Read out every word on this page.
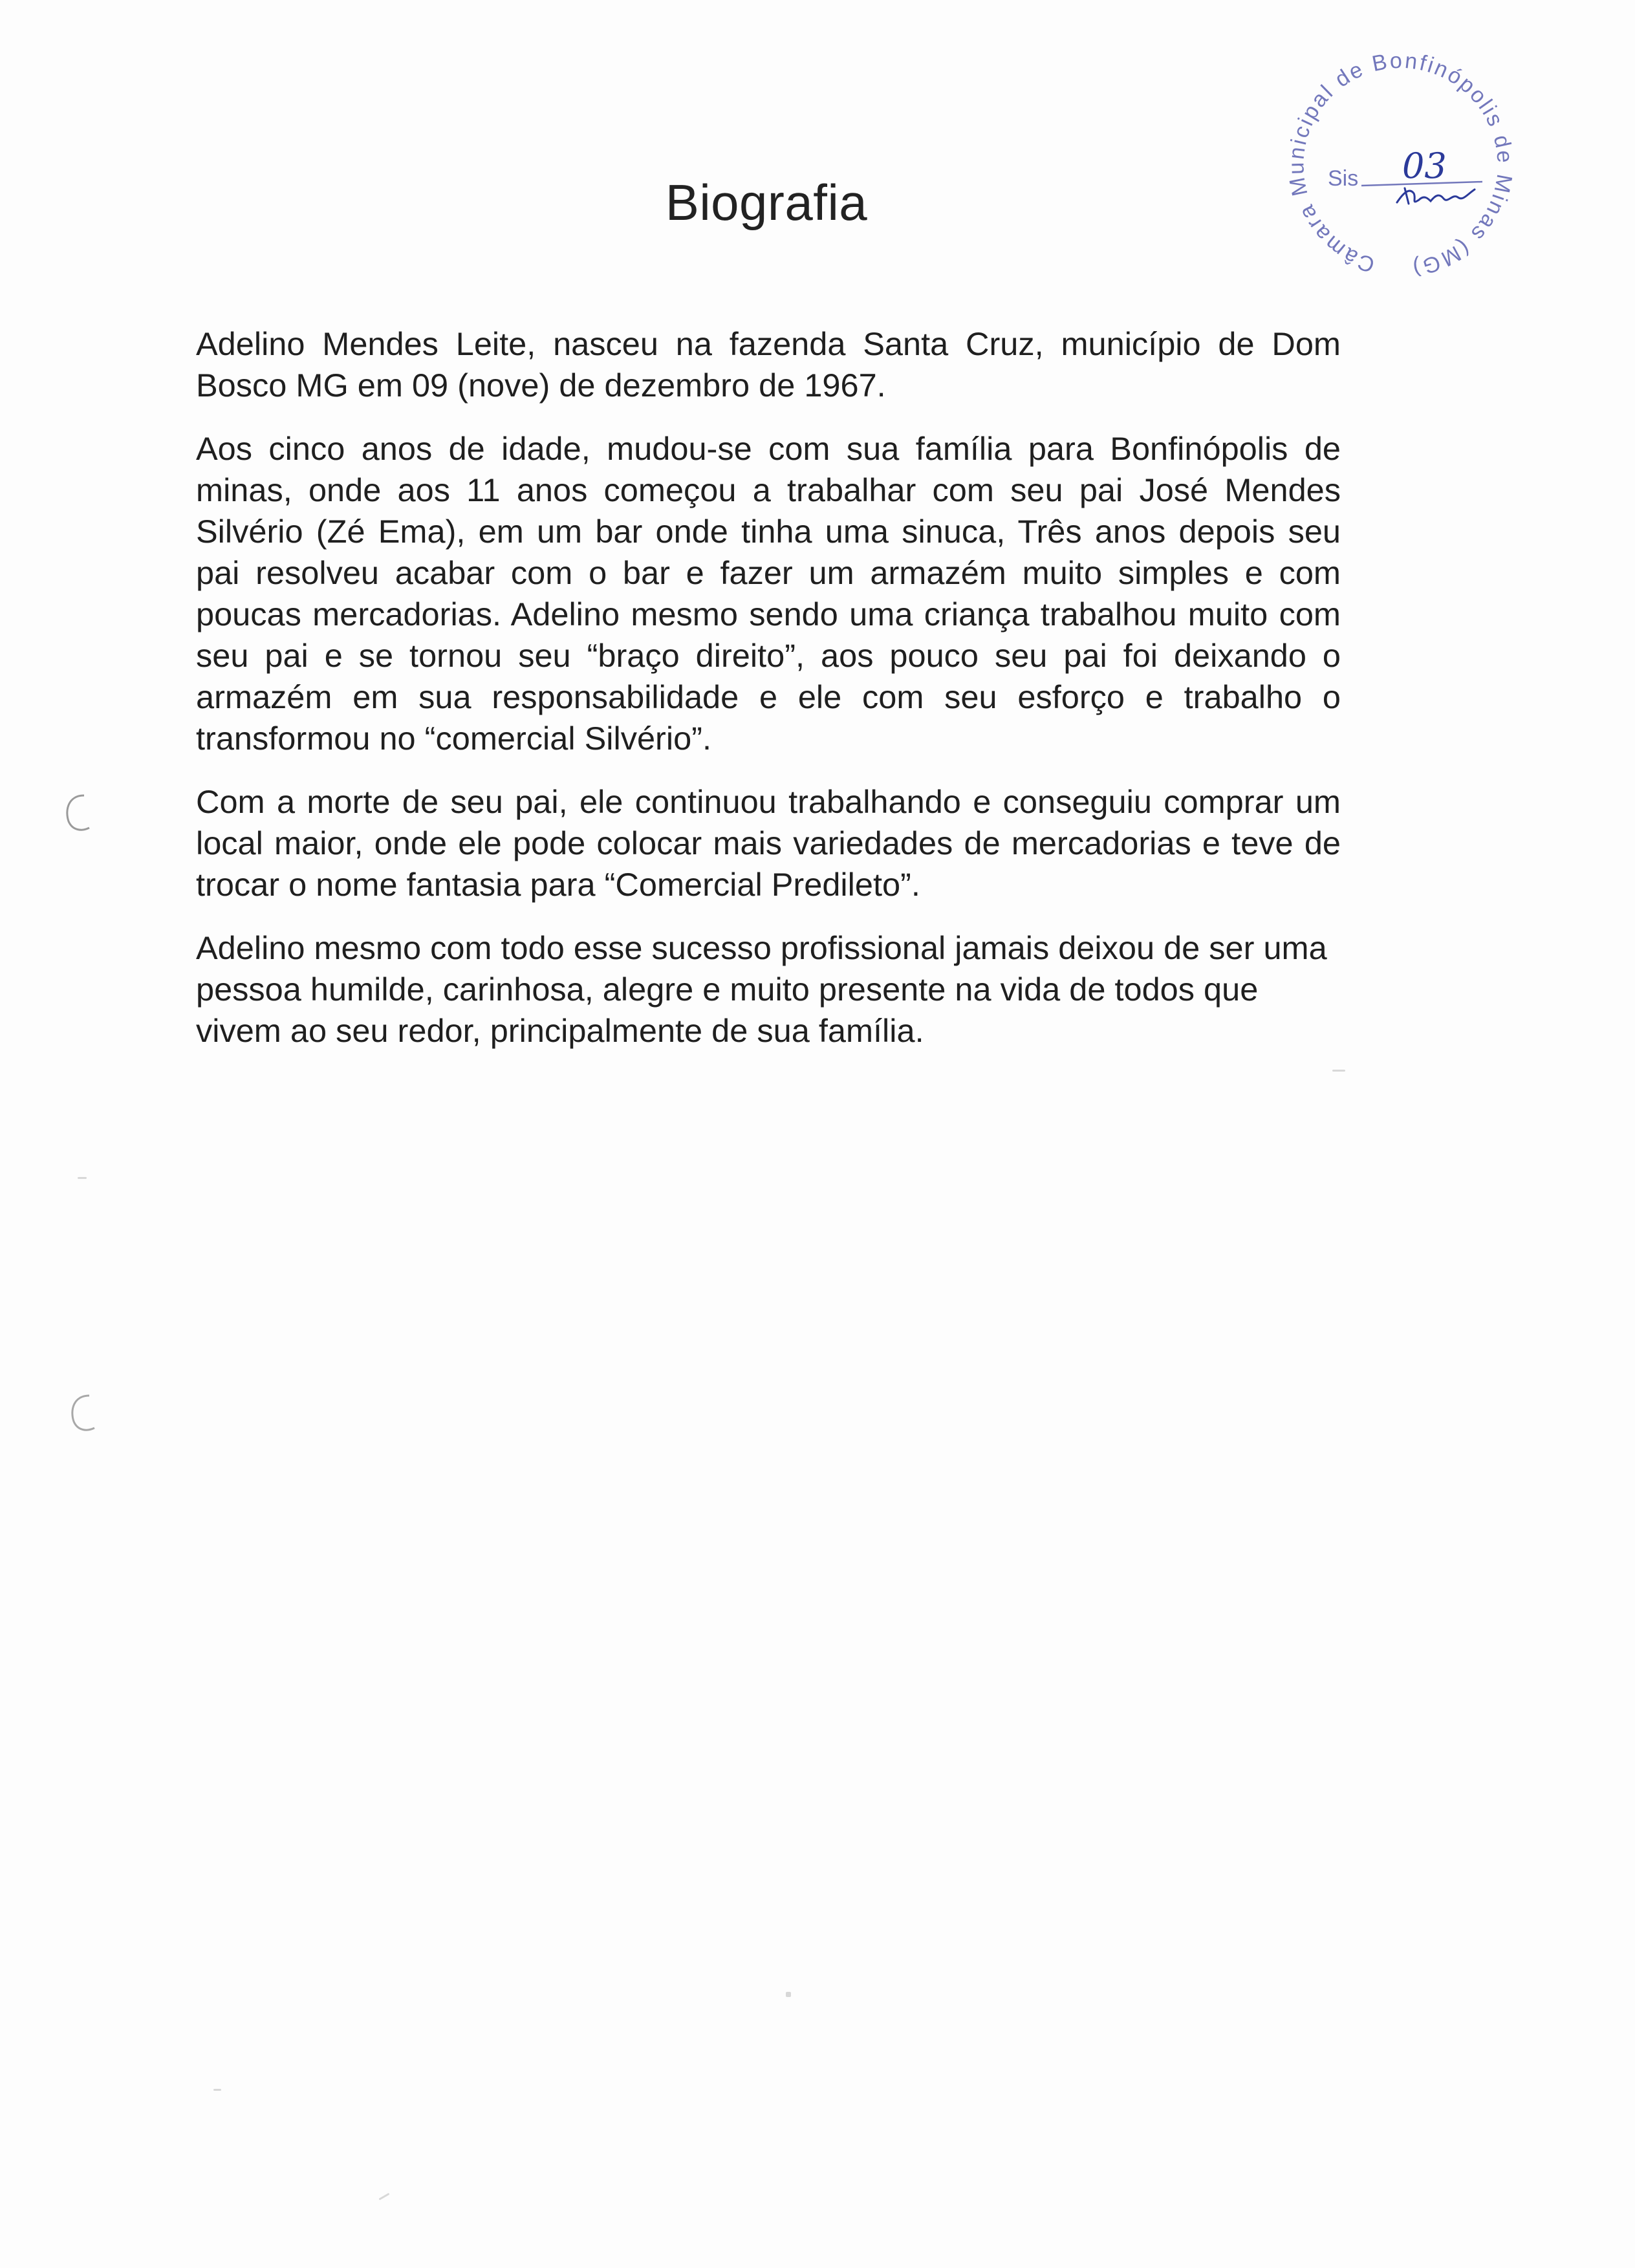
Biografia

Adelino Mendes Leite, nasceu na fazenda Santa Cruz, município de Dom Bosco MG em 09 (nove) de dezembro de 1967.

Aos cinco anos de idade, mudou-se com sua família para Bonfinópolis de minas, onde aos 11 anos começou a trabalhar com seu pai José Mendes Silvério (Zé Ema), em um bar onde tinha uma sinuca, Três anos depois seu pai resolveu acabar com o bar e fazer um armazém muito simples e com poucas mercadorias. Adelino mesmo sendo uma criança trabalhou muito com seu pai e se tornou seu “braço direito”, aos pouco seu pai foi deixando o armazém em sua responsabilidade e ele com seu esforço e trabalho o transformou no “comercial Silvério”.

Com a morte de seu pai, ele continuou trabalhando e conseguiu comprar um local maior, onde ele pode colocar mais variedades de mercadorias e teve de trocar o nome fantasia para “Comercial Predileto”.

Adelino mesmo com todo esse sucesso profissional jamais deixou de ser uma pessoa humilde, carinhosa, alegre e muito presente na vida de todos que vivem ao seu redor, principalmente de sua família.

Câmara Municipal de Bonfinópolis de Minas (MG)
Sis 03
